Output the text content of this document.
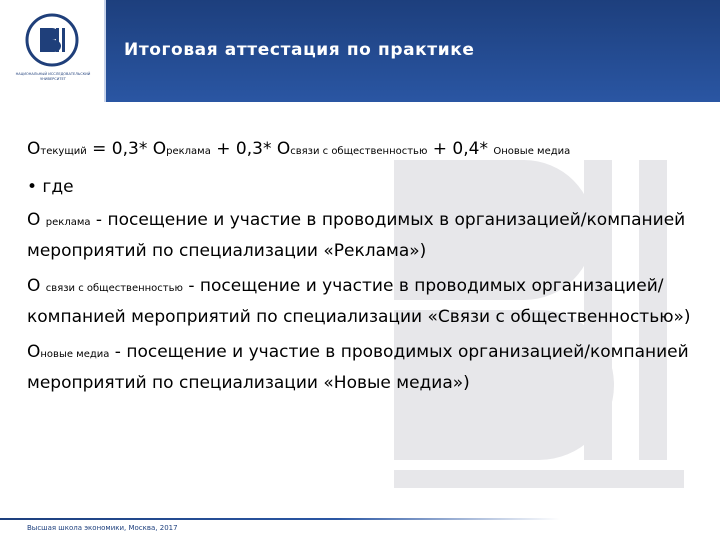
НАЦИОНАЛЬНЫЙ ИССЛЕДОВАТЕЛЬСКИЙ УНИВЕРСИТЕТ
Итоговая аттестация по практике
Отекущий = 0,3* Ореклама + 0,3* Освязи с общественностью + 0,4* Оновые медиа
• где
О реклама - посещение и участие в проводимых в организацией/компанией мероприятий по специализации «Реклама»)
О связи с общественностью - посещение и участие в проводимых организацией/компанией мероприятий по специализации «Связи с общественностью»)
Оновые медиа - посещение и участие в проводимых организацией/компанией мероприятий по специализации «Новые медиа»)
Высшая школа экономики, Москва, 2017
